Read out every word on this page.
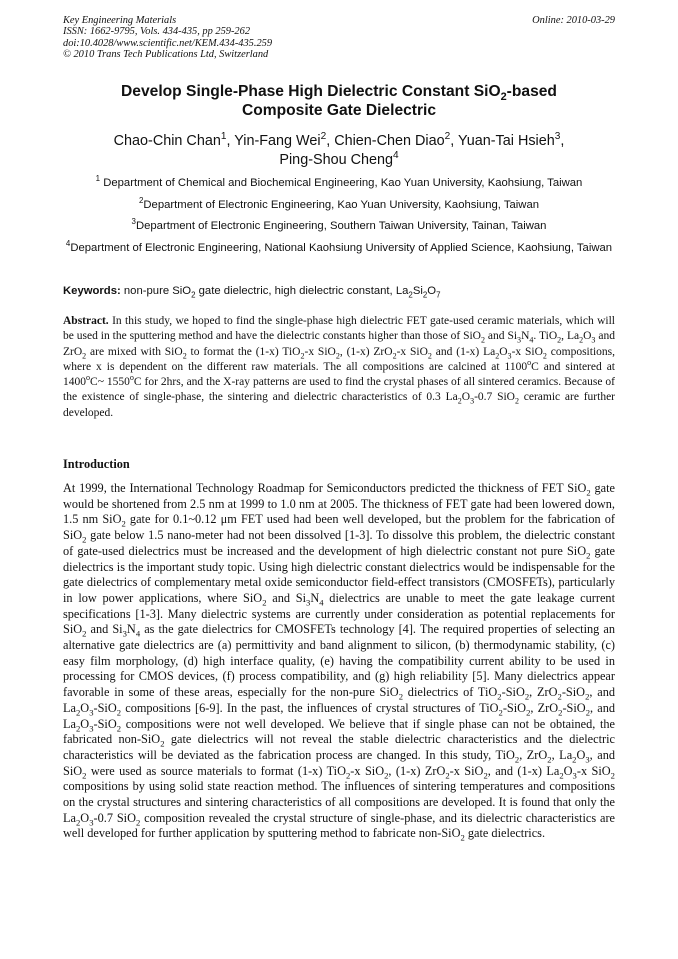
Key Engineering Materials
ISSN: 1662-9795, Vols. 434-435, pp 259-262
doi:10.4028/www.scientific.net/KEM.434-435.259
© 2010 Trans Tech Publications Ltd, Switzerland
Online: 2010-03-29
Develop Single-Phase High Dielectric Constant SiO$_2$-based
Composite Gate Dielectric
Chao-Chin Chan$^1$, Yin-Fang Wei$^2$, Chien-Chen Diao$^2$, Yuan-Tai Hsieh$^3$,
Ping-Shou Cheng$^4$

$^1$ Department of Chemical and Biochemical Engineering, Kao Yuan University, Kaohsiung, Taiwan

$^2$Department of Electronic Engineering, Kao Yuan University, Kaohsiung, Taiwan

$^3$Department of Electronic Engineering, Southern Taiwan University, Tainan, Taiwan

$^4$Department of Electronic Engineering, National Kaohsiung University of Applied Science, Kaohsiung, Taiwan

Keywords: non-pure SiO$_2$ gate dielectric, high dielectric constant, $La_2Si_2O_7$
Abstract. In this study, we hoped to find the single-phase high dielectric FET gate-used ceramic materials, which will be used in the sputtering method and have the dielectric constants higher than those of SiO$_2$ and $Si_3N_4$. TiO$_2$, $La_2O_3$ and ZrO$_2$ are mixed with SiO$_2$ to format the (1-x) TiO$_2$-x SiO$_2$, (1-x) ZrO$_2$-x SiO$_2$ and (1-x) $La_2O_3-x$ SiO$_2$ compositions, where x is dependent on the different raw materials. The all compositions are calcined at 1100$^o$C and sintered at 1400$^o$C~ 1550$^o$C for 2hrs, and the X-ray patterns are used to find the crystal phases of all sintered ceramics. Because of the existence of single-phase, the sintering and dielectric characteristics of 0.3 $La_2O_3-0.7$ SiO$_2$ ceramic are further developed.
Introduction
At 1999, the International Technology Roadmap for Semiconductors predicted the thickness of FET SiO$_2$ gate would be shortened from 2.5 nm at 1999 to 1.0 nm at 2005. The thickness of FET gate had been lowered down, 1.5 nm SiO$_2$ gate for 0.1~0.12 μm FET used had been well developed, but the problem for the fabrication of SiO$_2$ gate below 1.5 nano-meter had not been dissolved [1-3]. To dissolve this problem, the dielectric constant of gate-used dielectrics must be increased and the development of high dielectric constant not pure SiO$_2$ gate dielectrics is the important study topic. Using high dielectric constant dielectrics would be indispensable for the gate dielectrics of complementary metal oxide semiconductor field-effect transistors (CMOSFETs), particularly in low power applications, where SiO$_2$ and $Si_3N_4$ dielectrics are unable to meet the gate leakage current specifications [1-3]. Many dielectric systems are currently under consideration as potential replacements for SiO$_2$ and $Si_3N_4$ as the gate dielectrics for CMOSFETs technology [4]. The required properties of selecting an alternative gate dielectrics are (a) permittivity and band alignment to silicon, (b) thermodynamic stability, (c) easy film morphology, (d) high interface quality, (e) having the compatibility current ability to be used in processing for CMOS devices, (f) process compatibility, and (g) high reliability [5]. Many dielectrics appear favorable in some of these areas, especially for the non-pure SiO$_2$ dielectrics of TiO$_2$-SiO$_2$, ZrO$_2$-SiO$_2$, and $La_2O_3-SiO_2$ compositions [6-9]. In the past, the influences of crystal structures of TiO$_2$-SiO$_2$, ZrO$_2$-SiO$_2$, and $La_2O_3-SiO_2$ compositions were not well developed. We believe that if single phase can not be obtained, the fabricated non-SiO$_2$ gate dielectrics will not reveal the stable dielectric characteristics and the dielectric characteristics will be deviated as the fabrication process are changed. In this study, TiO$_2$, ZrO$_2$, $La_2O_3$, and SiO$_2$ were used as source materials to format (1-x) TiO$_2$-x SiO$_2$, (1-x) ZrO$_2$-x SiO$_2$, and (1-x) $La_2O_3-x$ SiO$_2$ compositions by using solid state reaction method. The influences of sintering temperatures and compositions on the crystal structures and sintering characteristics of all compositions are developed. It is found that only the $La_2O_3-0.7$ SiO$_2$ composition revealed the crystal structure of single-phase, and its dielectric characteristics are well developed for further application by sputtering method to fabricate non-SiO$_2$ gate dielectrics.
